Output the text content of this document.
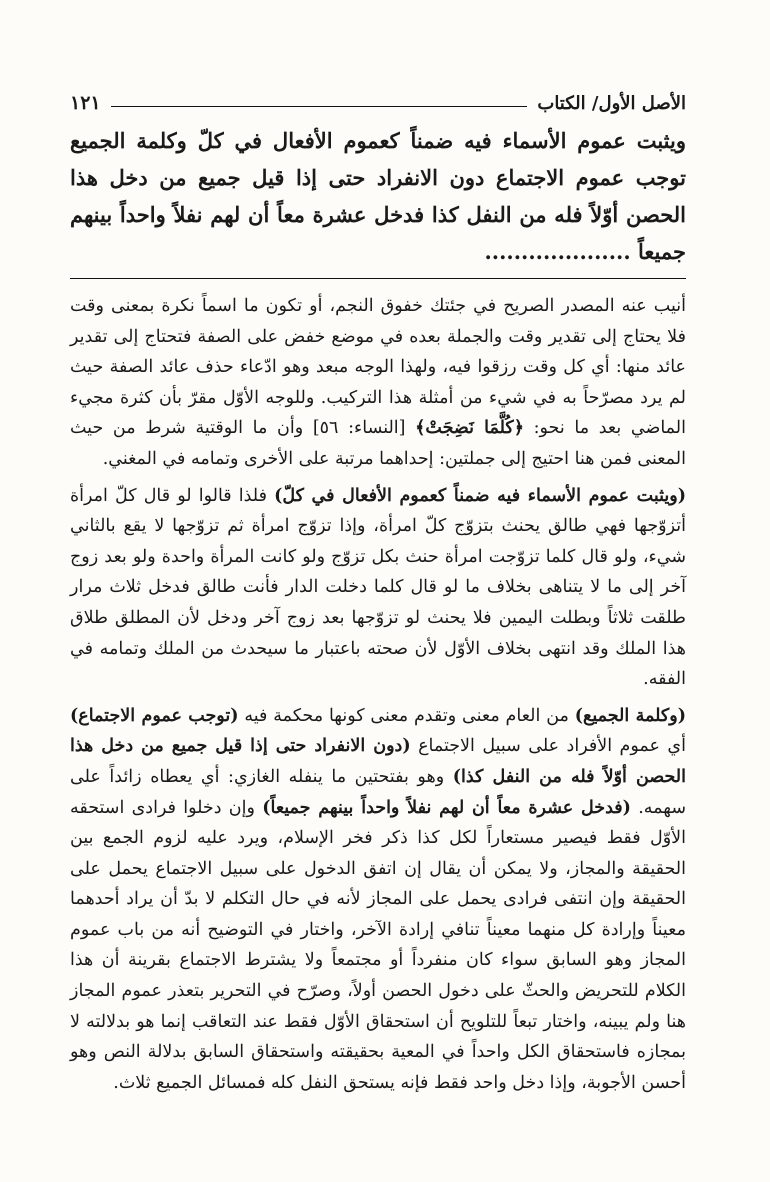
الأصل الأول/ الكتاب
١٢١

ويثبت عموم الأسماء فيه ضمناً كعموم الأفعال في كلّ وكلمة الجميع توجب عموم الاجتماع دون الانفراد حتى إذا قيل جميع من دخل هذا الحصن أوّلاً فله من النفل كذا فدخل عشرة معاً أن لهم نفلاً واحداً بينهم جميعاً ....................

أنيب عنه المصدر الصريح في جئتك خفوق النجم، أو تكون ما اسماً نكرة بمعنى وقت فلا يحتاج إلى تقدير وقت والجملة بعده في موضع خفض على الصفة فتحتاج إلى تقدير عائد منها: أي كل وقت رزقوا فيه، ولهذا الوجه مبعد وهو ادّعاء حذف عائد الصفة حيث لم يرد مصرّحاً به في شيء من أمثلة هذا التركيب. وللوجه الأوّل مقرّ بأن كثرة مجيء الماضي بعد ما نحو: ﴿كُلَّمَا نَضِجَتْ﴾ [النساء: ٥٦] وأن ما الوقتية شرط من حيث المعنى فمن هنا احتيج إلى جملتين: إحداهما مرتبة على الأخرى وتمامه في المغني.

(ويثبت عموم الأسماء فيه ضمناً كعموم الأفعال في كلّ) فلذا قالوا لو قال كلّ امرأة أتزوّجها فهي طالق يحنث بتزوّج كلّ امرأة، وإذا تزوّج امرأة ثم تزوّجها لا يقع بالثاني شيء، ولو قال كلما تزوّجت امرأة حنث بكل تزوّج ولو كانت المرأة واحدة ولو بعد زوج آخر إلى ما لا يتناهى بخلاف ما لو قال كلما دخلت الدار فأنت طالق فدخل ثلاث مرار طلقت ثلاثاً وبطلت اليمين فلا يحنث لو تزوّجها بعد زوج آخر ودخل لأن المطلق طلاق هذا الملك وقد انتهى بخلاف الأوّل لأن صحته باعتبار ما سيحدث من الملك وتمامه في الفقه.

(وكلمة الجميع) من العام معنى وتقدم معنى كونها محكمة فيه (توجب عموم الاجتماع) أي عموم الأفراد على سبيل الاجتماع (دون الانفراد حتى إذا قيل جميع من دخل هذا الحصن أوّلاً فله من النفل كذا) وهو بفتحتين ما ينفله الغازي: أي يعطاه زائداً على سهمه. (فدخل عشرة معاً أن لهم نفلاً واحداً بينهم جميعاً) وإن دخلوا فرادى استحقه الأوّل فقط فيصير مستعاراً لكل كذا ذكر فخر الإسلام، ويرد عليه لزوم الجمع بين الحقيقة والمجاز، ولا يمكن أن يقال إن اتفق الدخول على سبيل الاجتماع يحمل على الحقيقة وإن انتفى فرادى يحمل على المجاز لأنه في حال التكلم لا بدّ أن يراد أحدهما معيناً وإرادة كل منهما معيناً تنافي إرادة الآخر، واختار في التوضيح أنه من باب عموم المجاز وهو السابق سواء كان منفرداً أو مجتمعاً ولا يشترط الاجتماع بقرينة أن هذا الكلام للتحريض والحثّ على دخول الحصن أولاً، وصرّح في التحرير بتعذر عموم المجاز هنا ولم يبينه، واختار تبعاً للتلويح أن استحقاق الأوّل فقط عند التعاقب إنما هو بدلالته لا بمجازه فاستحقاق الكل واحداً في المعية بحقيقته واستحقاق السابق بدلالة النص وهو أحسن الأجوبة، وإذا دخل واحد فقط فإنه يستحق النفل كله فمسائل الجميع ثلاث.
